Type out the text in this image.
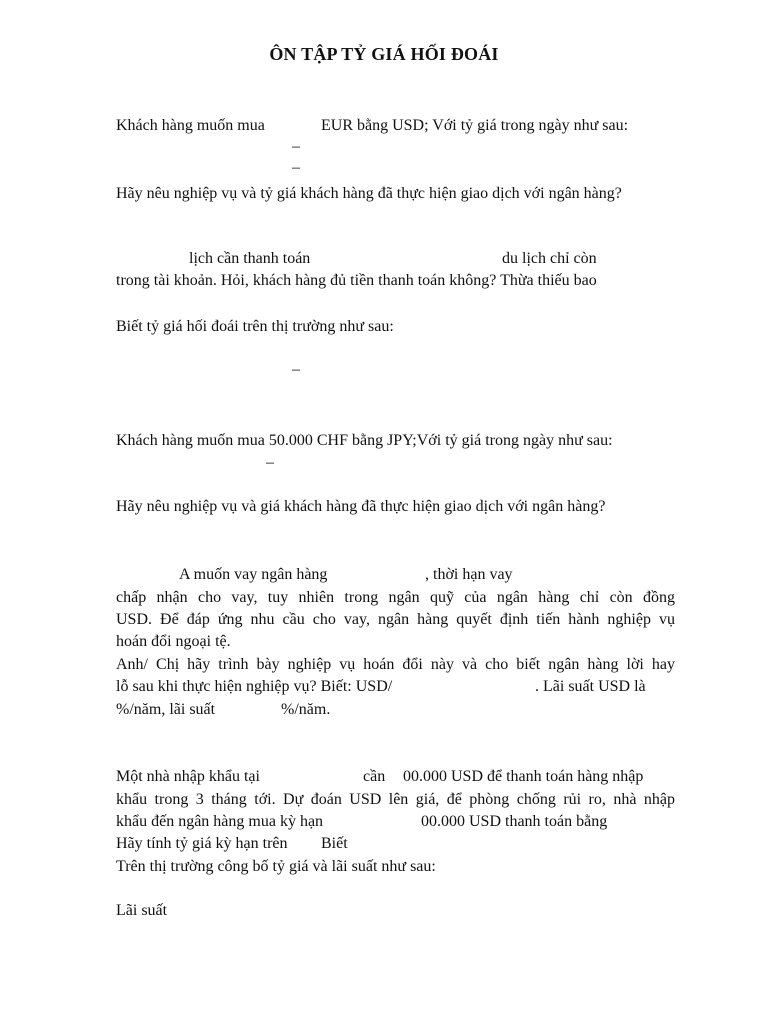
ÔN TẬP TỶ GIÁ HỐI ĐOÁI
Khách hàng muốn mua	EUR bằng USD; Với tỷ giá trong ngày như sau:
–
–
Hãy nêu nghiệp vụ và tỷ giá khách hàng đã thực hiện giao dịch với ngân hàng?
lịch cần thanh toán	du lịch chỉ còn
trong tài khoản. Hỏi, khách hàng đủ tiền thanh toán không? Thừa thiếu bao
Biết tỷ giá hối đoái trên thị trường như sau:
–
Khách hàng muốn mua 50.000 CHF bằng JPY;Với tỷ giá trong ngày như sau:
–
Hãy nêu nghiệp vụ và giá khách hàng đã thực hiện giao dịch với ngân hàng?
A muốn vay ngân hàng	, thời hạn vay
chấp nhận cho vay, tuy nhiên trong ngân quỹ của ngân hàng chỉ còn đồng
USD. Để đáp ứng nhu cầu cho vay, ngân hàng quyết định tiến hành nghiệp vụ
hoán đổi ngoại tệ.
Anh/ Chị hãy trình bày nghiệp vụ hoán đổi này và cho biết ngân hàng lời hay
lỗ sau khi thực hiện nghiệp vụ? Biết: USD/	. Lãi suất USD là
%/năm, lãi suất	%/năm.
Một nhà nhập khẩu tại	cần 00.000 USD để thanh toán hàng nhập
khẩu trong 3 tháng tới. Dự đoán USD lên giá, để phòng chống rủi ro, nhà nhập
khẩu đến ngân hàng mua kỳ hạn	00.000 USD thanh toán bằng
Hãy tính tỷ giá kỳ hạn trên Biết
Trên thị trường công bố tỷ giá và lãi suất như sau:
Lãi suất
